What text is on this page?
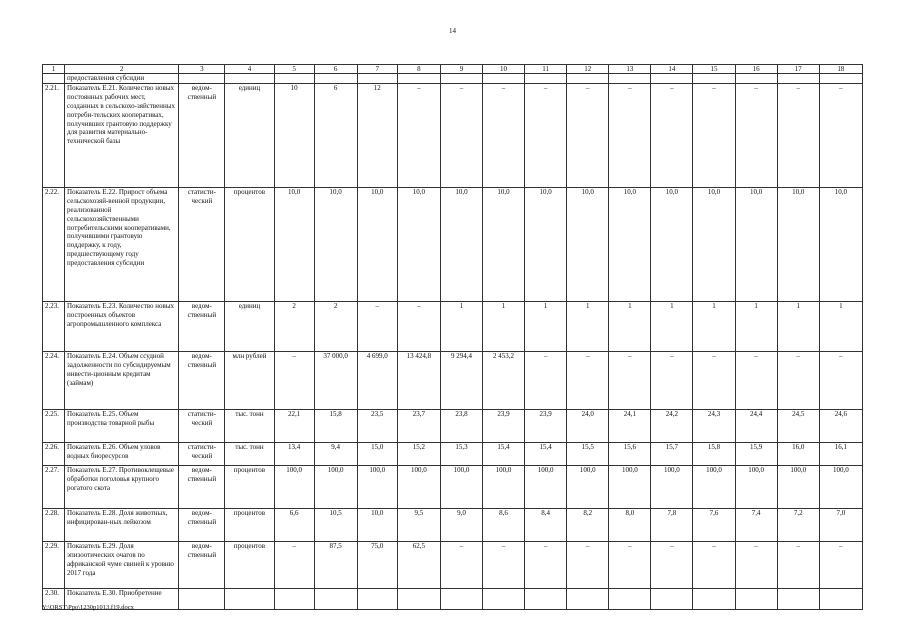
14
1	2	3	4	5	6	7	8	9	10	11	12	13	14	15	16	17	18
	предоставления субсидии																
2.21.	Показатель Е.21. Количество новых постоянных рабочих мест, созданных в сельскохо-зяйственных потреби-тельских кооперативах, получивших грантовую поддержку для развития материально-технической базы	ведом-ственный	единиц	10	6	12	–	–	–	–	–	–	–	–	–	–	–
2.22.	Показатель Е.22. Прирост объема сельскохозяй-венной продукции, реализованной сельскохозяйственными потребительскими кооперативами, получившими грантовую поддержку, к году, предшествующему году предоставления субсидии	статисти-ческий	процентов	10,0	10,0	10,0	10,0	10,0	10,0	10,0	10,0	10,0	10,0	10,0	10,0	10,0	10,0
2.23.	Показатель Е.23. Количество новых построенных объектов агропромышленного комплекса	ведом-ственный	единиц	2	2	–	–	1	1	1	1	1	1	1	1	1	1
2.24.	Показатель Е.24. Объем ссудной задолженности по субсидируемым инвести-ционным кредитам (займам)	ведом-ственный	млн рублей	–	37 000,0	4 699,0	13 424,8	9 294,4	2 453,2	–	–	–	–	–	–	–	–
2.25.	Показатель Е.25. Объем производства товарной рыбы	статисти-ческий	тыс. тонн	22,1	15,8	23,5	23,7	23,8	23,9	23,9	24,0	24,1	24,2	24,3	24,4	24,5	24,6
2.26.	Показатель Е.26. Объем уловов водных биоресурсов	статисти-ческий	тыс. тонн	13,4	9,4	15,0	15,2	15,3	15,4	15,4	15,5	15,6	15,7	15,8	15,9	16,0	16,1
2.27.	Показатель Е.27. Противоклещевые обработки поголовья крупного рогатого скота	ведом-ственный	процентов	100,0	100,0	100,0	100,0	100,0	100,0	100,0	100,0	100,0	100,0	100,0	100,0	100,0	100,0
2.28.	Показатель Е.28. Доля животных, инфицирован-ных лейкозом	ведом-ственный	процентов	6,6	10,5	10,0	9,5	9,0	8,6	8,4	8,2	8,0	7,8	7,6	7,4	7,2	7,0
2.29.	Показатель Е.29. Доля эпизоотических очагов по африканской чуме свиней к уровню 2017 года	ведом-ственный	процентов	–	87,5	75,0	62,5	–	–	–	–	–	–	–	–	–	–
2.30.	Показатель Е.30. Приобретение																
Y:\ORST\Ppo\1230p1013.f19.docx
